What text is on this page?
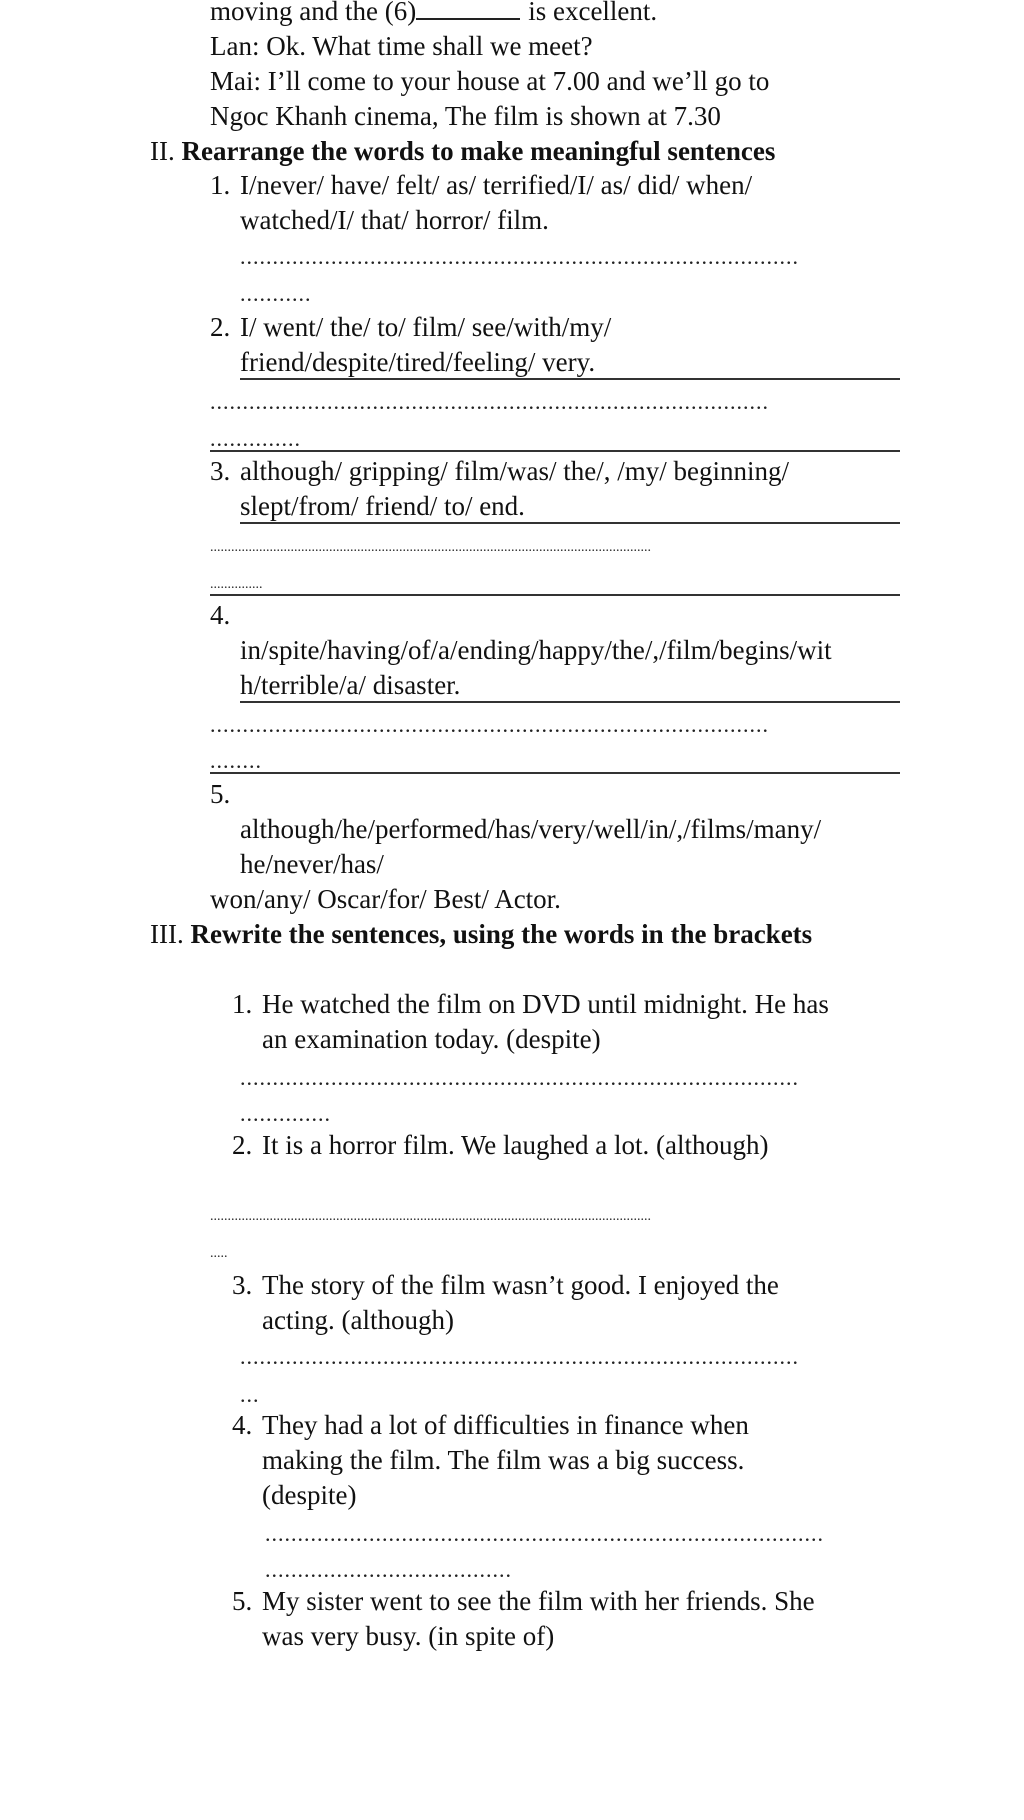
moving and the (6)	is excellent.
Lan: Ok. What time shall we meet?
Mai: I’ll come to your house at 7.00 and we’ll go to
Ngoc Khanh cinema, The film is shown at 7.30
II. Rearrange the words to make meaningful sentences
1. I/never/ have/ felt/ as/ terrified/I/ as/ did/ when/
watched/I/ that/ horror/ film.
......................................................................................
...........
2. I/ went/ the/ to/ film/ see/with/my/
friend/despite/tired/feeling/ very.
......................................................................................
..............
3. although/ gripping/ film/was/ the/, /my/ beginning/
slept/from/ friend/ to/ end.
..............................................................................................................................
...............
4.
in/spite/having/of/a/ending/happy/the/,/film/begins/wit
h/terrible/a/ disaster.
......................................................................................
........
5.
although/he/performed/has/very/well/in/,/films/many/
he/never/has/
won/any/ Oscar/for/ Best/ Actor.
III. Rewrite the sentences, using the words in the brackets
1. He watched the film on DVD until midnight. He has
an examination today. (despite)
......................................................................................
..............
2. It is a horror film. We laughed a lot. (although)
..............................................................................................................................
.....
3. The story of the film wasn’t good. I enjoyed the
acting. (although)
......................................................................................
...
4. They had a lot of difficulties in finance when
making the film. The film was a big success.
(despite)
......................................................................................
......................................
5. My sister went to see the film with her friends. She
was very busy. (in spite of)
